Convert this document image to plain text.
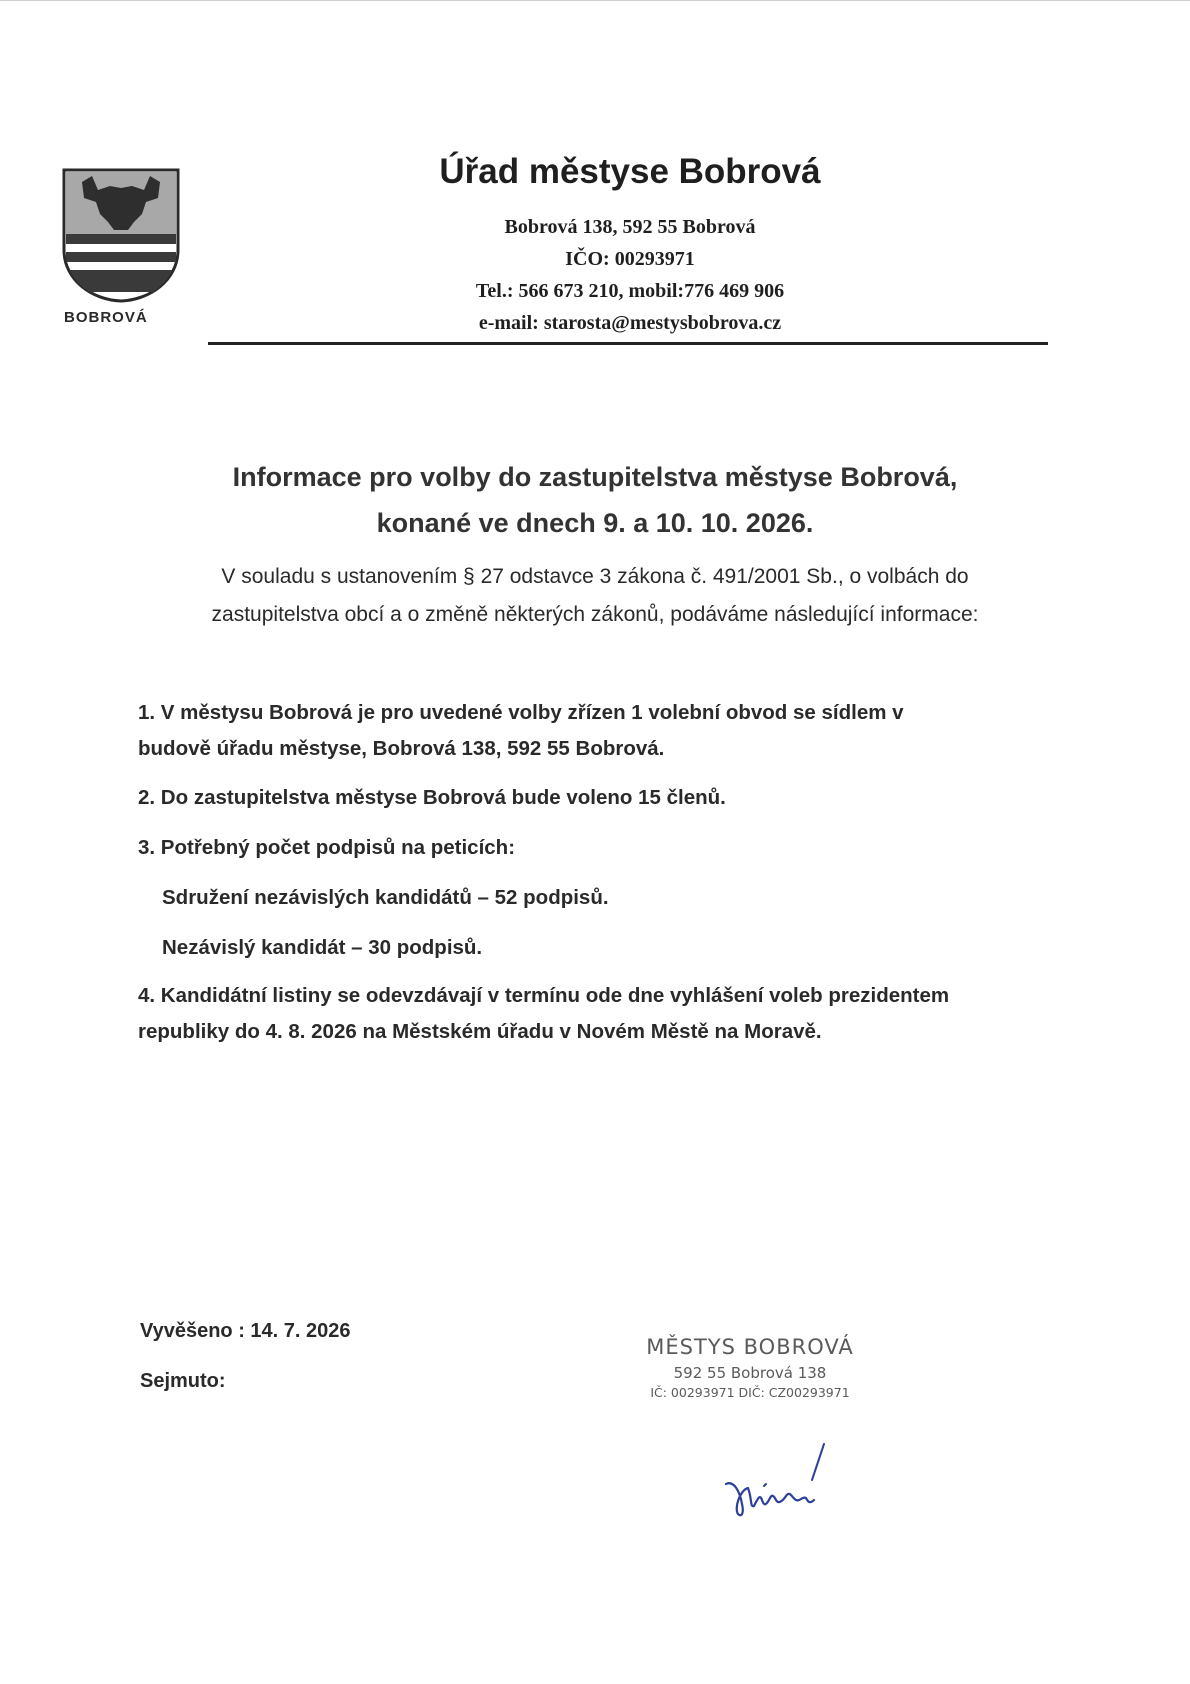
BOBROVÁ
Úřad městyse Bobrová
Bobrová 138, 592 55 Bobrová
IČO: 00293971
Tel.: 566 673 210, mobil:776 469 906
e-mail: starosta@mestysbobrova.cz
Informace pro volby do zastupitelstva městyse Bobrová,
konané ve dnech 9. a 10. 10. 2026.
V souladu s ustanovením § 27 odstavce 3 zákona č. 491/2001 Sb., o volbách do
zastupitelstva obcí a o změně některých zákonů, podáváme následující informace:
1. V městysu Bobrová je pro uvedené volby zřízen 1 volební obvod se sídlem v
budově úřadu městyse, Bobrová 138, 592 55 Bobrová.
2. Do zastupitelstva městyse Bobrová bude voleno 15 členů.
3. Potřebný počet podpisů na peticích:
Sdružení nezávislých kandidátů – 52 podpisů.
Nezávislý kandidát – 30 podpisů.
4. Kandidátní listiny se odevzdávají v termínu ode dne vyhlášení voleb prezidentem
republiky do 4. 8. 2026 na Městském úřadu v Novém Městě na Moravě.
Vyvěšeno : 14. 7. 2026
Sejmuto:
MĚSTYS BOBROVÁ
592 55 Bobrová 138
IČ: 00293971 DIČ: CZ00293971
